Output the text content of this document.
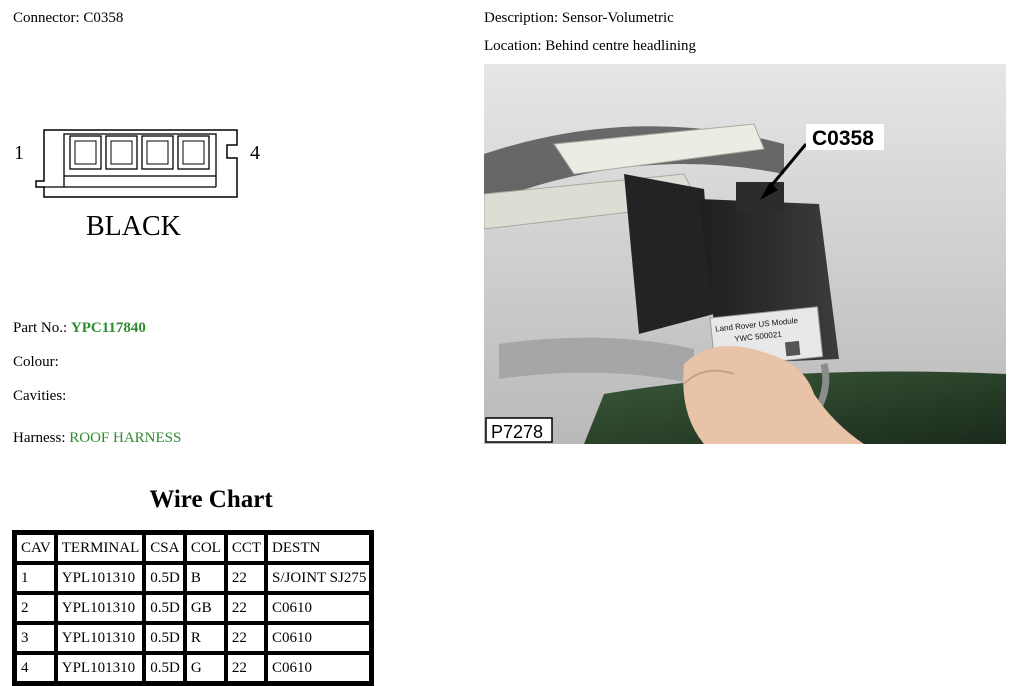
Connector: C0358	Description: Sensor-Volumetric
Location: Behind centre headlining
1	4
BLACK
Part No.: YPC117840
Colour:
Cavities:
Harness: ROOF HARNESS
Land Rover US Module
YWC 500021
C0358
P7278
Wire Chart
CAV	TERMINAL	CSA	COL	CCT	DESTN
1	YPL101310	0.5D	B	22	S/JOINT SJ275
2	YPL101310	0.5D	GB	22	C0610
3	YPL101310	0.5D	R	22	C0610
4	YPL101310	0.5D	G	22	C0610
